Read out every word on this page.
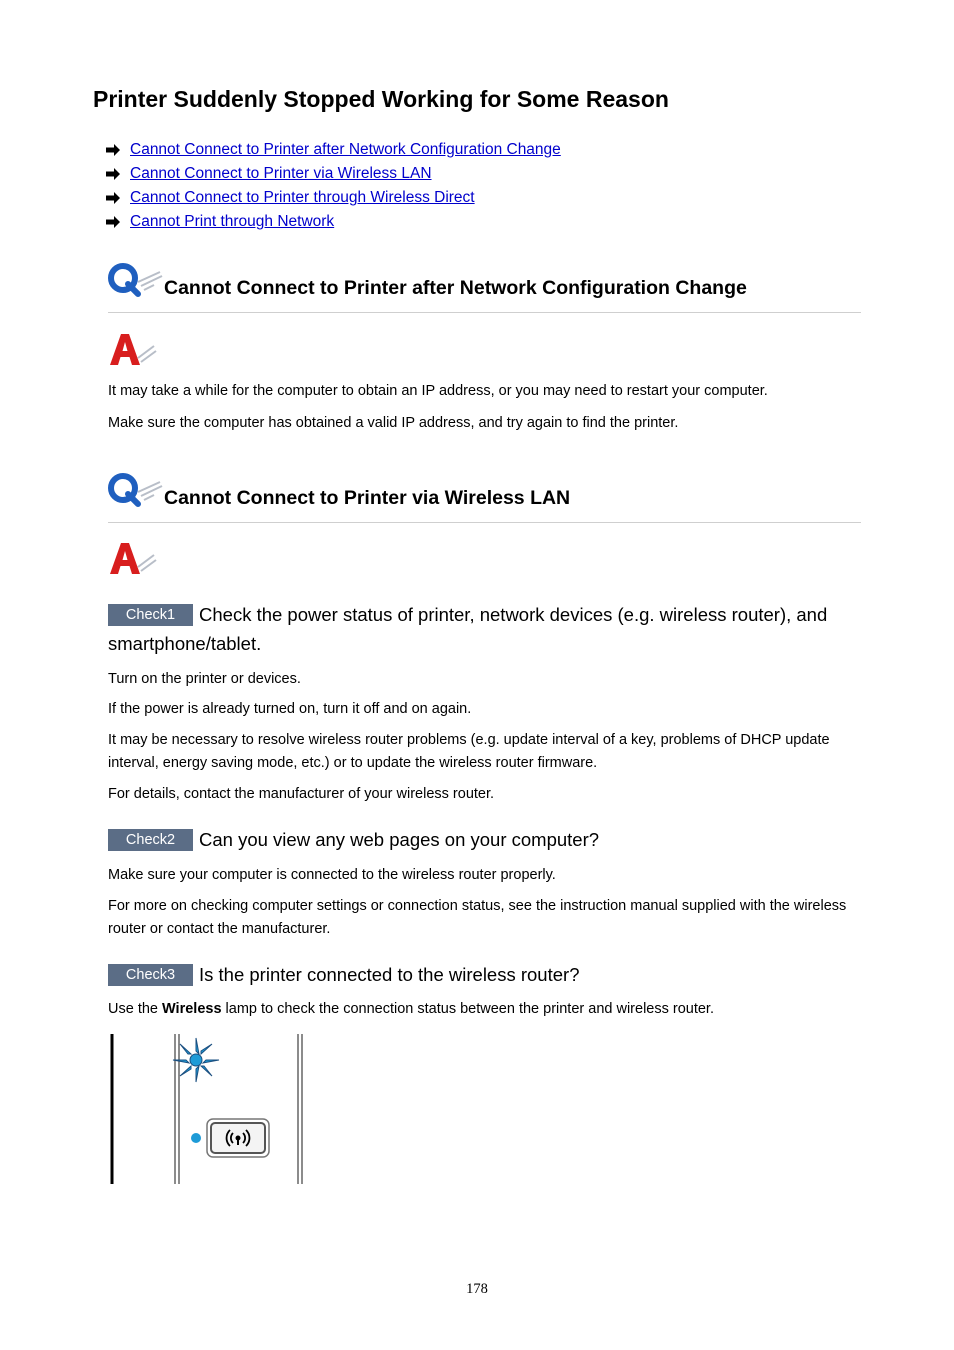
Printer Suddenly Stopped Working for Some Reason
Cannot Connect to Printer after Network Configuration Change
Cannot Connect to Printer via Wireless LAN
Cannot Connect to Printer through Wireless Direct
Cannot Print through Network
Cannot Connect to Printer after Network Configuration Change

It may take a while for the computer to obtain an IP address, or you may need to restart your computer.

Make sure the computer has obtained a valid IP address, and try again to find the printer.

Cannot Connect to Printer via Wireless LAN
Check1 Check the power status of printer, network devices (e.g. wireless router), and smartphone/tablet.

Turn on the printer or devices.

If the power is already turned on, turn it off and on again.

It may be necessary to resolve wireless router problems (e.g. update interval of a key, problems of DHCP update interval, energy saving mode, etc.) or to update the wireless router firmware.

For details, contact the manufacturer of your wireless router.

Check2 Can you view any web pages on your computer?

Make sure your computer is connected to the wireless router properly.

For more on checking computer settings or connection status, see the instruction manual supplied with the wireless router or contact the manufacturer.

Check3 Is the printer connected to the wireless router?

Use the Wireless lamp to check the connection status between the printer and wireless router.

178
